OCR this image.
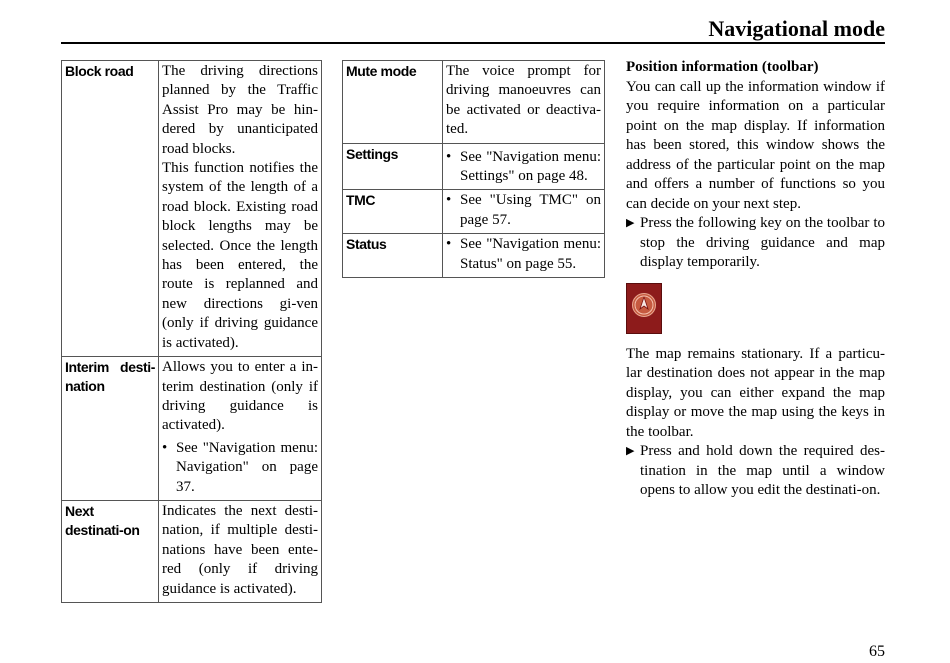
Navigational mode
Block road	The driving directions planned by the Traffic Assist Pro may be hin-dered by unanticipated road blocks.
This function notifies the system of the length of a road block. Existing road block lengths may be selected. Once the length has been entered, the route is replanned and new directions gi-ven (only if driving guidance is activated).

Interim desti-nation	Allows you to enter a in-terim destination (only if driving guidance is activated).
• See "Navigation menu: Navigation" on page 37.

Next destinati-on	Indicates the next desti-nation, if multiple desti-nations have been ente-red (only if driving guidance is activated).
Mute mode	The voice prompt for driving manoeuvres can be activated or deactiva-ted.
Settings	• See "Navigation menu: Settings" on page 48.

TMC	• See "Using TMC" on page 57.

Status	• See "Navigation menu: Status" on page 55.

Position information (toolbar)

You can call up the information window if you require information on a particular point on the map display. If information has been stored, this window shows the address of the particular point on the map and offers a number of functions so you can decide on your next step.

▶ Press the following key on the toolbar to stop the driving guidance and map display temporarily.

The map remains stationary. If a particu-lar destination does not appear in the map display, you can either expand the map display or move the map using the keys in the toolbar.

▶ Press and hold down the required des-tination in the map until a window opens to allow you edit the destinati-on.
65
